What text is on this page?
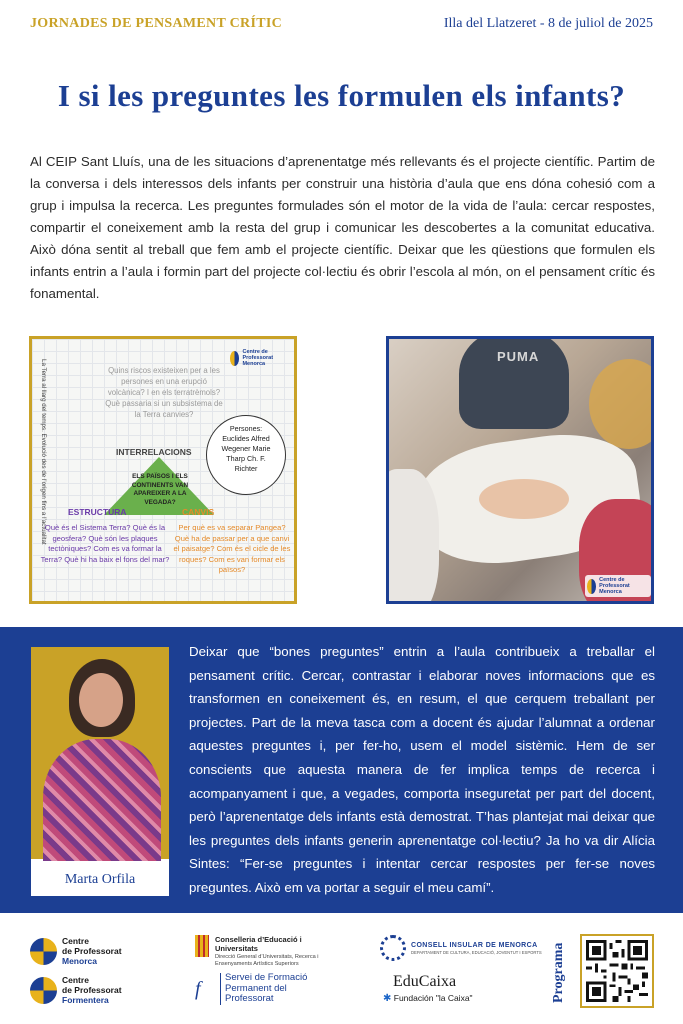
JORNADES DE PENSAMENT CRÍTIC	Illa del Llatzeret - 8 de juliol de 2025
I si les preguntes les formulen els infants?

Al CEIP Sant Lluís, una de les situacions d’aprenentatge més rellevants és el projecte científic. Partim de la conversa i dels interessos dels infants per construir una història d’aula que ens dóna cohesió com a grup i impulsa la recerca. Les preguntes formulades són el motor de la vida de l’aula: cercar respostes, compartir el coneixement amb la resta del grup i comunicar les descobertes a la comunitat educativa. Això dóna sentit al treball que fem amb el projecte científic. Deixar que les qüestions que formulen els infants entrin a l’aula i formin part del projecte col·lectiu és obrir l’escola al món, on el pensament crític és fonamental.

La Terra al llarg del temps. Evolució des de l’origen fins a l’actualitat
Centre de Professorat Menorca
Quins riscos existeixen per a les persones en una erupció volcànica? I en els terratrèmols? Què passaria si un subsistema de la Terra canvies?
INTERRELACIONS
ELS PAÏSOS I ELS CONTINENTS VAN APAREIXER A LA VEGADA?
Persones:
Euclides Alfred Wegener Marie Tharp Ch. F. Richter
ESTRUCTURA	CANVIS
Què és el Sistema Terra? Què és la geosfera? Què són les plaques tectòniques? Com es va formar la Terra? Què hi ha baix el fons del mar?
Per què es va separar Pangea? Què ha de passar per a que canvi el paisatge? Com és el cicle de les roques? Com es van formar els països?
PUMA
Centre de Professorat Menorca
Marta Orfila

Deixar que “bones preguntes” entrin a l’aula contribueix a treballar el pensament crític. Cercar, contrastar i elaborar noves informacions que es transformen en coneixement és, en resum, el que cerquem treballant per projectes. Part de la meva tasca com a docent és ajudar l’alumnat a ordenar aquestes preguntes i, per fer-ho, usem el model sistèmic. Hem de ser conscients que aquesta manera de fer implica temps de recerca i acompanyament i que, a vegades, comporta inseguretat per part del docent, però l’aprenentatge dels infants està demostrat. T’has plantejat mai deixar que les preguntes dels infants generin aprenentatge col·lectiu? Ja ho va dir Alícia Sintes: “Fer-se preguntes i intentar cercar respostes per fer-se noves preguntes. Això em va portar a seguir el meu camí”.

Centre
de Professorat
Menorca
Centre
de Professorat
Formentera
Conselleria d’Educació i Universitats
Direcció General d’Universitats, Recerca i Ensenyaments Artístics Superiors
f
Servei de Formació
Permanent del
Professorat
CONSELL INSULAR DE MENORCA
DEPARTAMENT DE CULTURA, EDUCACIÓ, JOVENTUT I ESPORTS
EduCaixa
✱ Fundación "la Caixa"	Programa
